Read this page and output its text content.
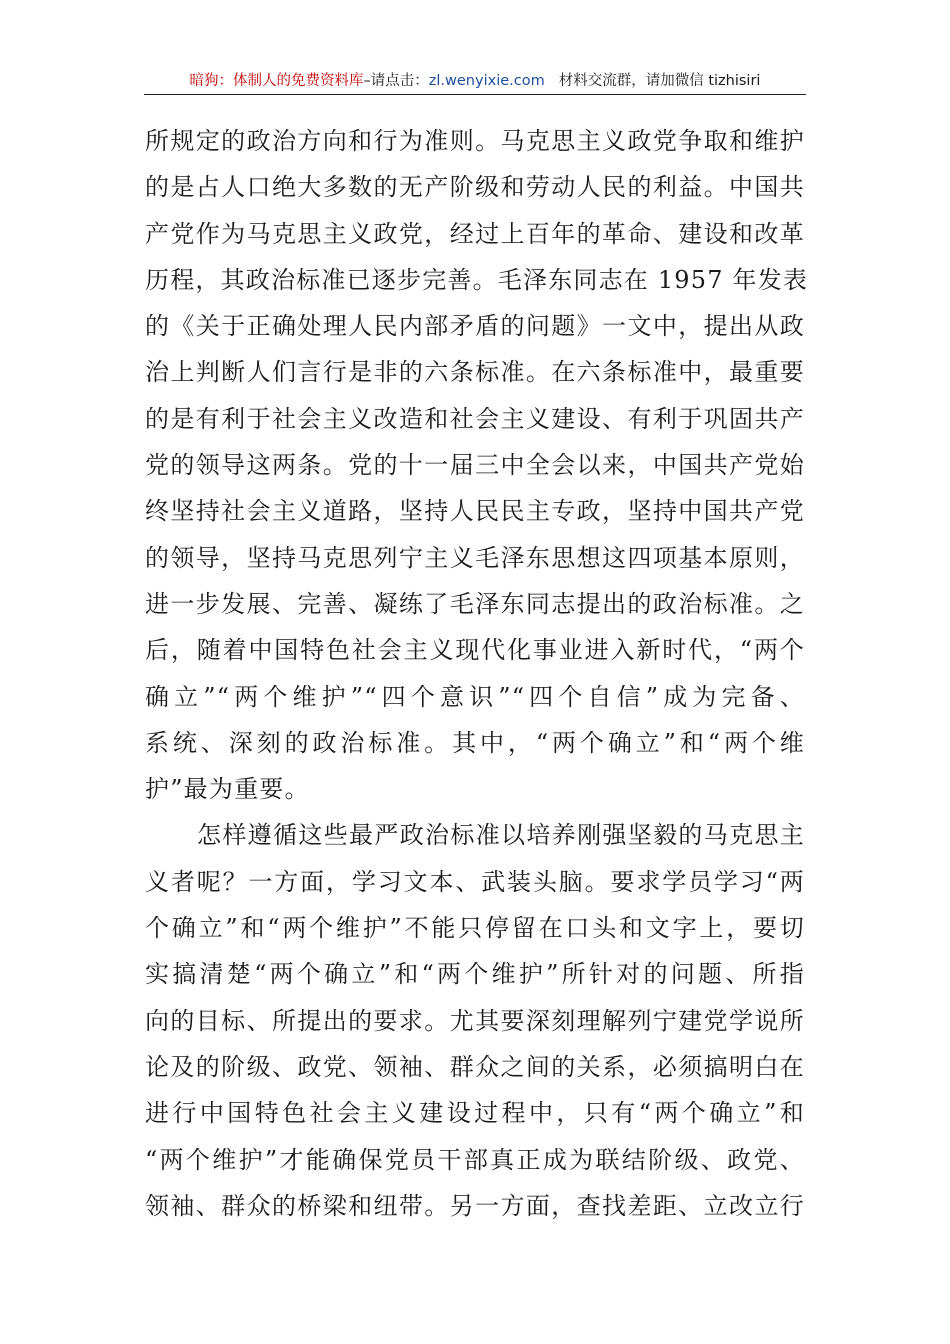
暗狗：体制人的免费资料库–请点击：zl.wenyixie.com 材料交流群，请加微信 tizhisiri
所规定的政治方向和行为准则。马克思主义政党争取和维护
的是占人口绝大多数的无产阶级和劳动人民的利益。中国共
产党作为马克思主义政党，经过上百年的革命、建设和改革
历程，其政治标准已逐步完善。毛泽东同志在 1957 年发表
的《关于正确处理人民内部矛盾的问题》一文中，提出从政
治上判断人们言行是非的六条标准。在六条标准中，最重要
的是有利于社会主义改造和社会主义建设、有利于巩固共产
党的领导这两条。党的十一届三中全会以来，中国共产党始
终坚持社会主义道路，坚持人民民主专政，坚持中国共产党
的领导，坚持马克思列宁主义毛泽东思想这四项基本原则，
进一步发展、完善、凝练了毛泽东同志提出的政治标准。之
后，随着中国特色社会主义现代化事业进入新时代，“两个
确立”“两个维护”“四个意识”“四个自信”成为完备、
系统、深刻的政治标准。其中，“两个确立”和“两个维
护”最为重要。
怎样遵循这些最严政治标准以培养刚强坚毅的马克思主
义者呢？一方面，学习文本、武装头脑。要求学员学习“两
个确立”和“两个维护”不能只停留在口头和文字上，要切
实搞清楚“两个确立”和“两个维护”所针对的问题、所指
向的目标、所提出的要求。尤其要深刻理解列宁建党学说所
论及的阶级、政党、领袖、群众之间的关系，必须搞明白在
进行中国特色社会主义建设过程中，只有“两个确立”和
“两个维护”才能确保党员干部真正成为联结阶级、政党、
领袖、群众的桥梁和纽带。另一方面，查找差距、立改立行
